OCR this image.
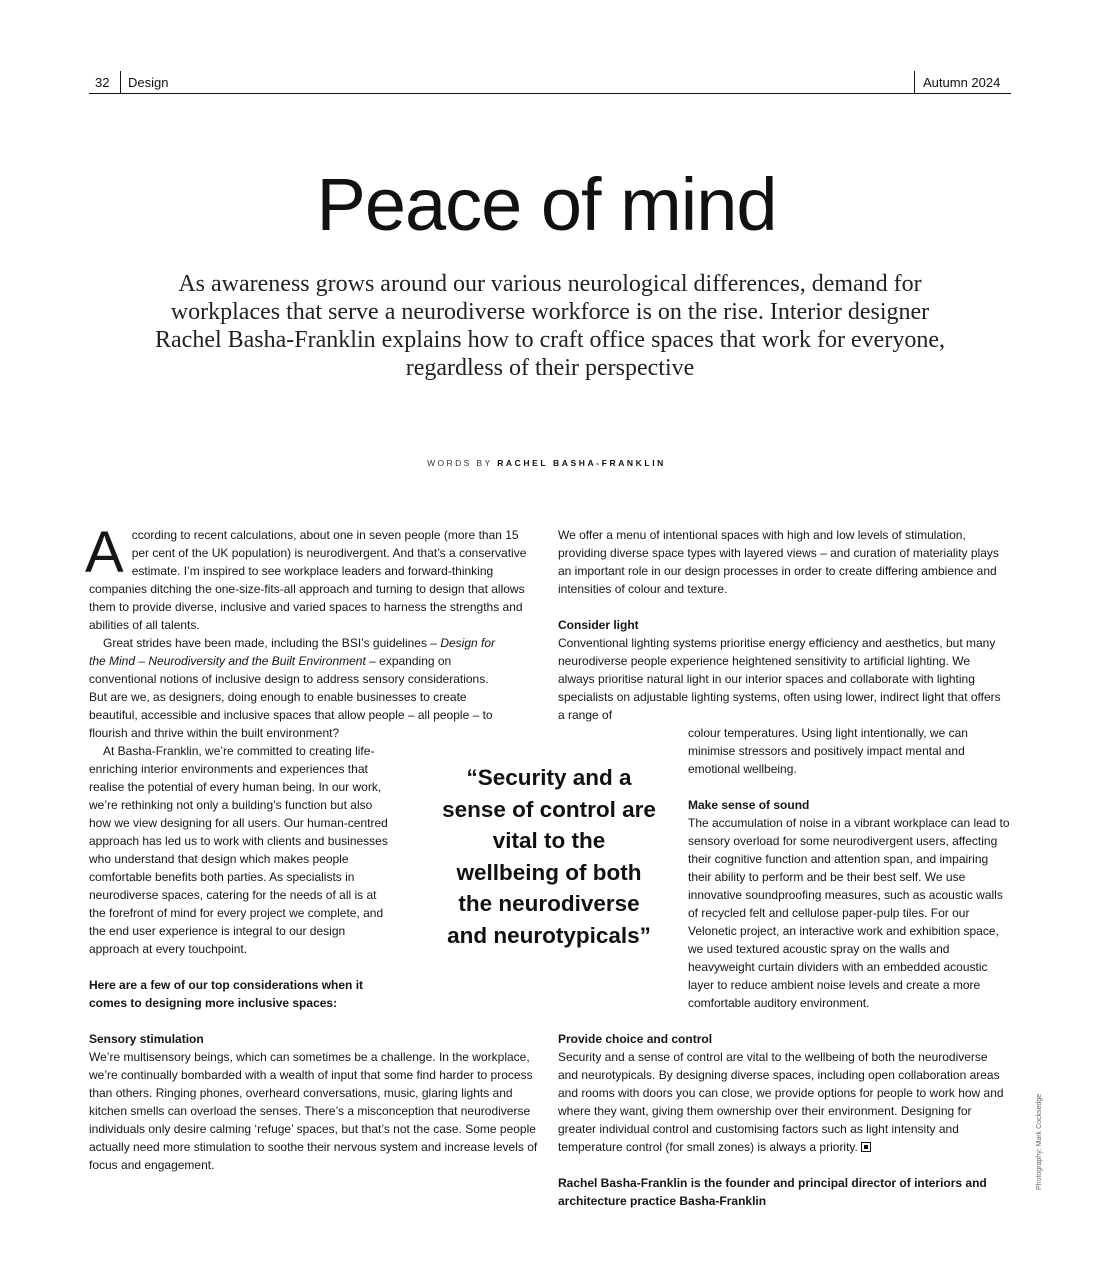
32 Design	Autumn 2024
Peace of mind

As awareness grows around our various neurological differences, demand for workplaces that serve a neurodiverse workforce is on the rise. Interior designer Rachel Basha-Franklin explains how to craft office spaces that work for everyone, regardless of their perspective

WORDS BY RACHEL BASHA-FRANKLIN

A ccording to recent calculations, about one in seven people (more than 15 per cent of the UK population) is neurodivergent. And that’s a conservative estimate. I’m inspired to see workplace leaders and forward-thinking companies ditching the one-size-fits-all approach and turning to design that allows them to provide diverse, inclusive and varied spaces to harness the strengths and abilities of all talents.

Great strides have been made, including the BSI’s guidelines – Design for the Mind – Neurodiversity and the Built Environment – expanding on conventional notions of inclusive design to address sensory considerations. But are we, as designers, doing enough to enable businesses to create beautiful, accessible and inclusive spaces that allow people – all people – to flourish and thrive within the built environment?

At Basha-Franklin, we’re committed to creating life-enriching interior environments and experiences that realise the potential of every human being. In our work, we’re rethinking not only a building’s function but also how we view designing for all users. Our human-centred approach has led us to work with clients and businesses who understand that design which makes people comfortable benefits both parties. As specialists in neurodiverse spaces, catering for the needs of all is at the forefront of mind for every project we complete, and the end user experience is integral to our design approach at every touchpoint.

Here are a few of our top considerations when it comes to designing more inclusive spaces:

Sensory stimulation

We’re multisensory beings, which can sometimes be a challenge. In the workplace, we’re continually bombarded with a wealth of input that some find harder to process than others. Ringing phones, overheard conversations, music, glaring lights and kitchen smells can overload the senses. There’s a misconception that neurodiverse individuals only desire calming ‘refuge’ spaces, but that’s not the case. Some people actually need more stimulation to soothe their nervous system and increase levels of focus and engagement.

“Security and a sense of control are vital to the wellbeing of both the neurodiverse and neurotypicals”

We offer a menu of intentional spaces with high and low levels of stimulation, providing diverse space types with layered views – and curation of materiality plays an important role in our design processes in order to create differing ambience and intensities of colour and texture.

Consider light

Conventional lighting systems prioritise energy efficiency and aesthetics, but many neurodiverse people experience heightened sensitivity to artificial lighting. We always prioritise natural light in our interior spaces and collaborate with lighting specialists on adjustable lighting systems, often using lower, indirect light that offers a range of
colour temperatures. Using light intentionally, we can minimise stressors and positively impact mental and emotional wellbeing.

Make sense of sound

The accumulation of noise in a vibrant workplace can lead to sensory overload for some neurodivergent users, affecting their cognitive function and attention span, and impairing their ability to perform and be their best self. We use innovative soundproofing measures, such as acoustic walls of recycled felt and cellulose paper-pulp tiles. For our Velonetic project, an interactive work and exhibition space, we used textured acoustic spray on the walls and heavyweight curtain dividers with an embedded acoustic layer to reduce ambient noise levels and create a more comfortable auditory environment.

Provide choice and control

Security and a sense of control are vital to the wellbeing of both the neurodiverse and neurotypicals. By designing diverse spaces, including open collaboration areas and rooms with doors you can close, we provide options for people to work how and where they want, giving them ownership over their environment. Designing for greater individual control and customising factors such as light intensity and temperature control (for small zones) is always a priority.

Rachel Basha-Franklin is the founder and principal director of interiors and architecture practice Basha-Franklin

Photography: Mark Cocksedge
